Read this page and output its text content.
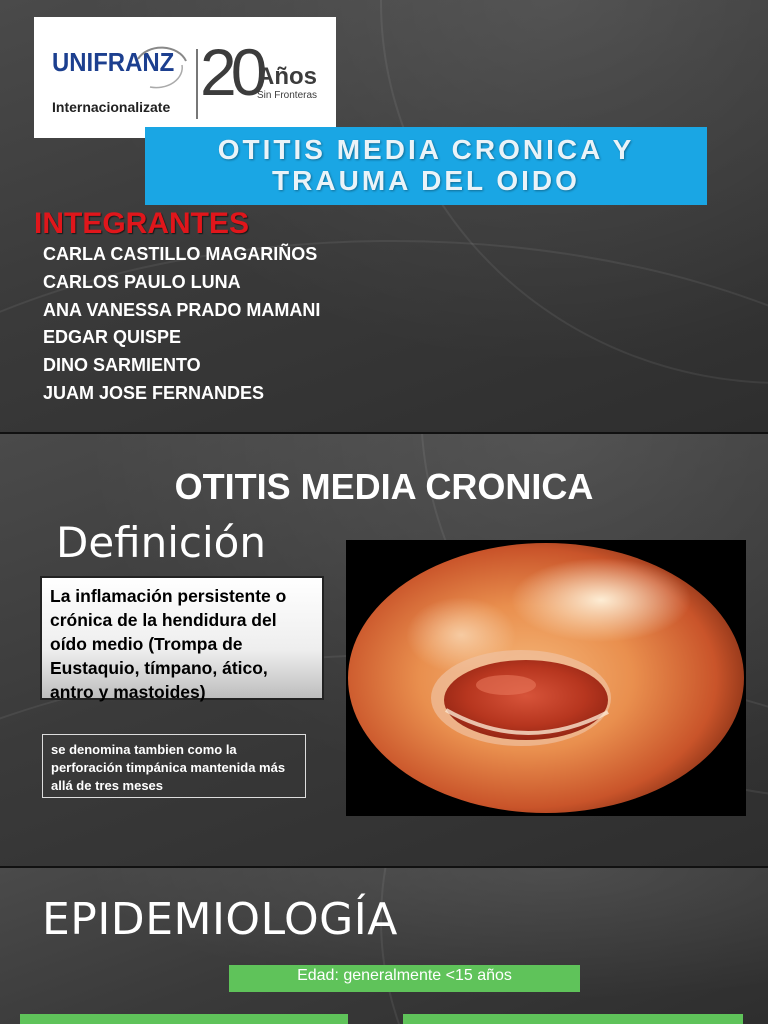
UNIFRANZ
Internacionalizate 20
Años
Sin Fronteras
OTITIS MEDIA CRONICA Y
TRAUMA DEL OIDO
INTEGRANTES
CARLA CASTILLO MAGARIÑOS
CARLOS PAULO LUNA
ANA VANESSA PRADO MAMANI
EDGAR QUISPE
DINO SARMIENTO
JUAM JOSE FERNANDES
OTITIS MEDIA CRONICA
Definición
La inflamación persistente o crónica de la hendidura del oído medio (Trompa de Eustaquio, tímpano, ático, antro y mastoides)
se denomina tambien como la perforación timpánica mantenida más allá de tres meses
EPIDEMIOLOGÍA
Edad: generalmente <15 años
